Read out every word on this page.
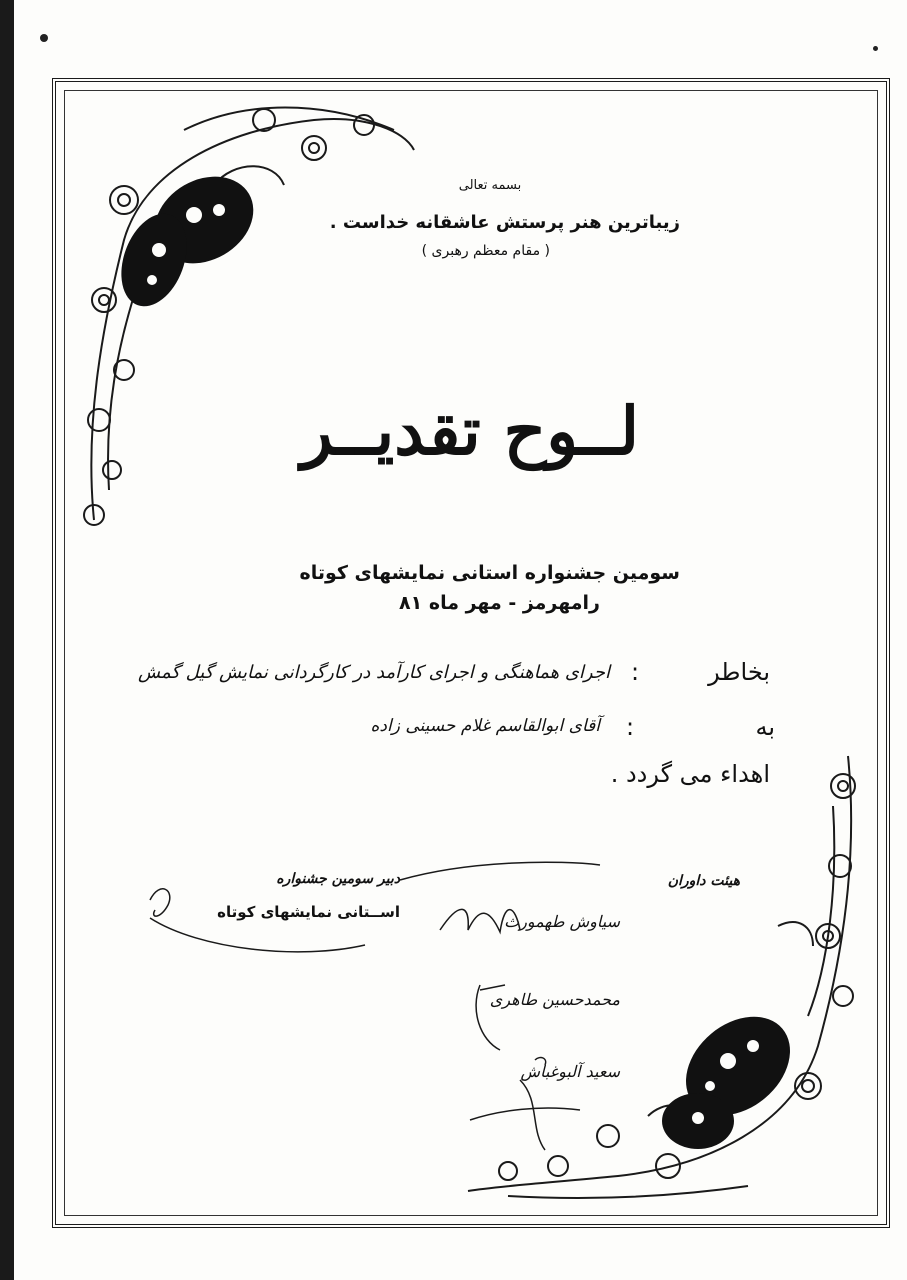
بسمه تعالی
زیباترین هنر پرستش عاشقانه خداست .
( مقام معظم رهبری )
لــوح تقدیــر
سومین جشنواره استانی نمایشهای کوتاه
رامهرمز - مهر ماه ۸۱
بخاطر
:
اجرای هماهنگی و اجرای کارآمد در کارگردانی نمایش گیل گمش
به
:
آقای ابوالقاسم غلام حسینی زاده
اهداء می گردد .
هیئت داوران
دبیر سومین جشنواره
اســتانی نمایشهای کوتاه	سیاوش طهمورث
محمدحسین طاهری
سعید آلبوغباش
